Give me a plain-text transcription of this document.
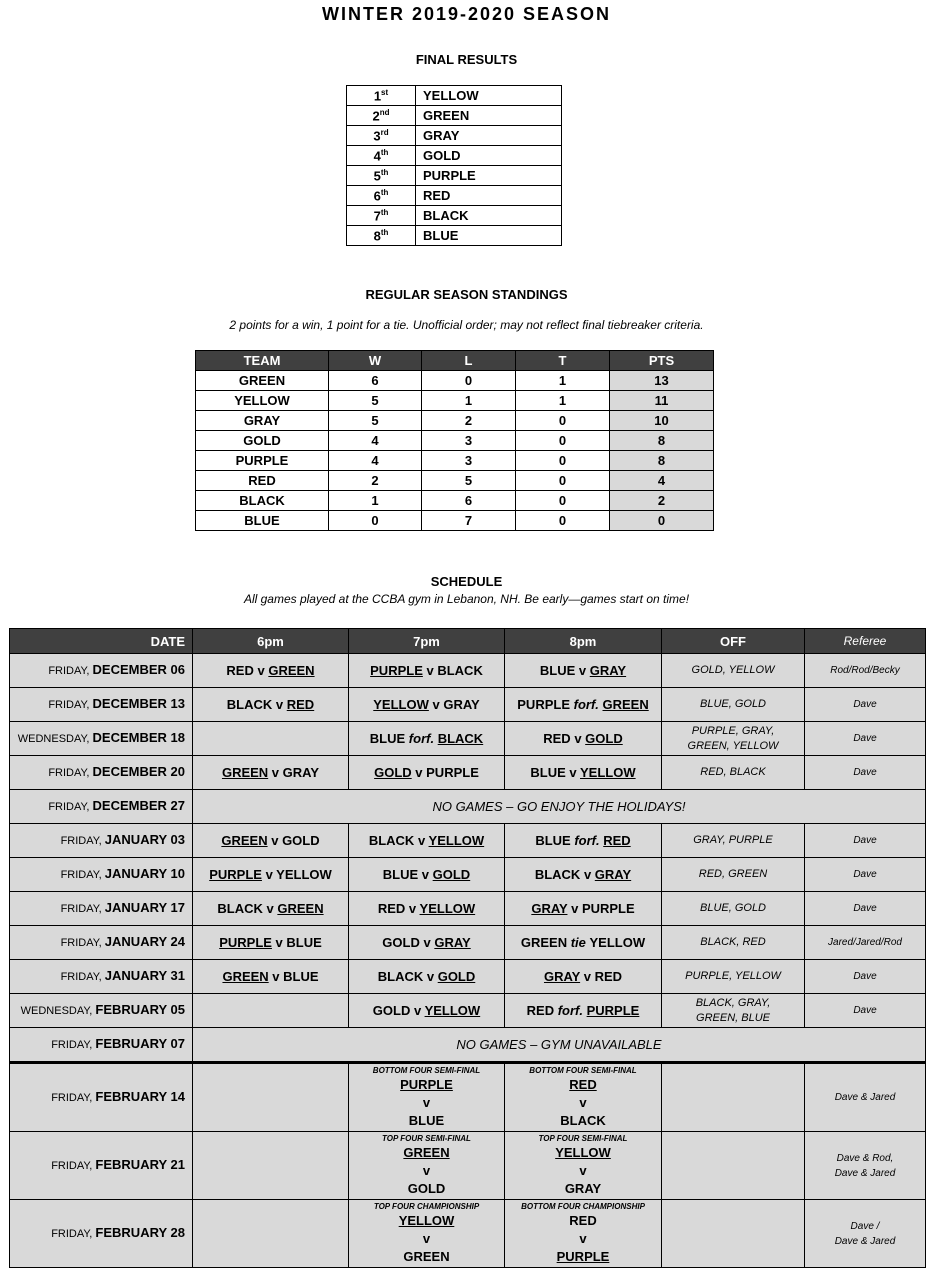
WINTER 2019-2020 SEASON
FINAL RESULTS
1st	YELLOW
2nd	GREEN
3rd	GRAY
4th	GOLD
5th	PURPLE
6th	RED
7th	BLACK
8th	BLUE
REGULAR SEASON STANDINGS
2 points for a win, 1 point for a tie. Unofficial order; may not reflect final tiebreaker criteria.
TEAM	W	L	T	PTS
GREEN	6	0	1	13
YELLOW	5	1	1	11
GRAY	5	2	0	10
GOLD	4	3	0	8
PURPLE	4	3	0	8
RED	2	5	0	4
BLACK	1	6	0	2
BLUE	0	7	0	0
SCHEDULE
All games played at the CCBA gym in Lebanon, NH. Be early—games start on time!
DATE	6pm	7pm	8pm	OFF	Referee
FRIDAY, DECEMBER 06	RED v GREEN	PURPLE v BLACK	BLUE v GRAY	GOLD, YELLOW	Rod/Rod/Becky
FRIDAY, DECEMBER 13	BLACK v RED	YELLOW v GRAY	PURPLE forf. GREEN	BLUE, GOLD	Dave
WEDNESDAY, DECEMBER 18		BLUE forf. BLACK	RED v GOLD	PURPLE, GRAY,
GREEN, YELLOW	Dave
FRIDAY, DECEMBER 20	GREEN v GRAY	GOLD v PURPLE	BLUE v YELLOW	RED, BLACK	Dave
FRIDAY, DECEMBER 27	NO GAMES – GO ENJOY THE HOLIDAYS!				
FRIDAY, JANUARY 03	GREEN v GOLD	BLACK v YELLOW	BLUE forf. RED	GRAY, PURPLE	Dave
FRIDAY, JANUARY 10	PURPLE v YELLOW	BLUE v GOLD	BLACK v GRAY	RED, GREEN	Dave
FRIDAY, JANUARY 17	BLACK v GREEN	RED v YELLOW	GRAY v PURPLE	BLUE, GOLD	Dave
FRIDAY, JANUARY 24	PURPLE v BLUE	GOLD v GRAY	GREEN tie YELLOW	BLACK, RED	Jared/Jared/Rod
FRIDAY, JANUARY 31	GREEN v BLUE	BLACK v GOLD	GRAY v RED	PURPLE, YELLOW	Dave
WEDNESDAY, FEBRUARY 05		GOLD v YELLOW	RED forf. PURPLE	BLACK, GRAY,
GREEN, BLUE	Dave
FRIDAY, FEBRUARY 07	NO GAMES – GYM UNAVAILABLE				
FRIDAY, FEBRUARY 14		BOTTOM FOUR SEMI-FINAL
PURPLE
v
BLUE	BOTTOM FOUR SEMI-FINAL
RED
v
BLACK		Dave & Jared
FRIDAY, FEBRUARY 21		TOP FOUR SEMI-FINAL
GREEN
v
GOLD	TOP FOUR SEMI-FINAL
YELLOW
v
GRAY		Dave & Rod,
Dave & Jared
FRIDAY, FEBRUARY 28		TOP FOUR CHAMPIONSHIP
YELLOW
v
GREEN	BOTTOM FOUR CHAMPIONSHIP
RED
v
PURPLE		Dave /
Dave & Jared
